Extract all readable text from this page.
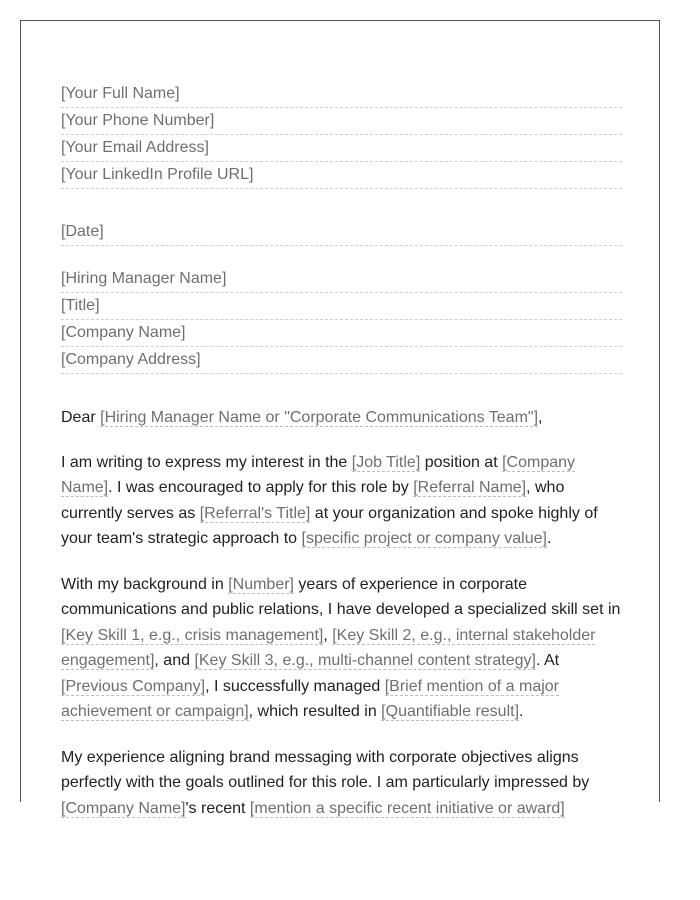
[Your Full Name]
[Your Phone Number]
[Your Email Address]
[Your LinkedIn Profile URL]
[Date]
[Hiring Manager Name]
[Title]
[Company Name]
[Company Address]

Dear [Hiring Manager Name or "Corporate Communications Team"],

I am writing to express my interest in the [Job Title] position at [Company Name]. I was encouraged to apply for this role by [Referral Name], who currently serves as [Referral's Title] at your organization and spoke highly of your team's strategic approach to [specific project or company value].

With my background in [Number] years of experience in corporate communications and public relations, I have developed a specialized skill set in [Key Skill 1, e.g., crisis management], [Key Skill 2, e.g., internal stakeholder engagement], and [Key Skill 3, e.g., multi-channel content strategy]. At [Previous Company], I successfully managed [Brief mention of a major achievement or campaign], which resulted in [Quantifiable result].

My experience aligning brand messaging with corporate objectives aligns perfectly with the goals outlined for this role. I am particularly impressed by [Company Name]'s recent [mention a specific recent initiative or award]
